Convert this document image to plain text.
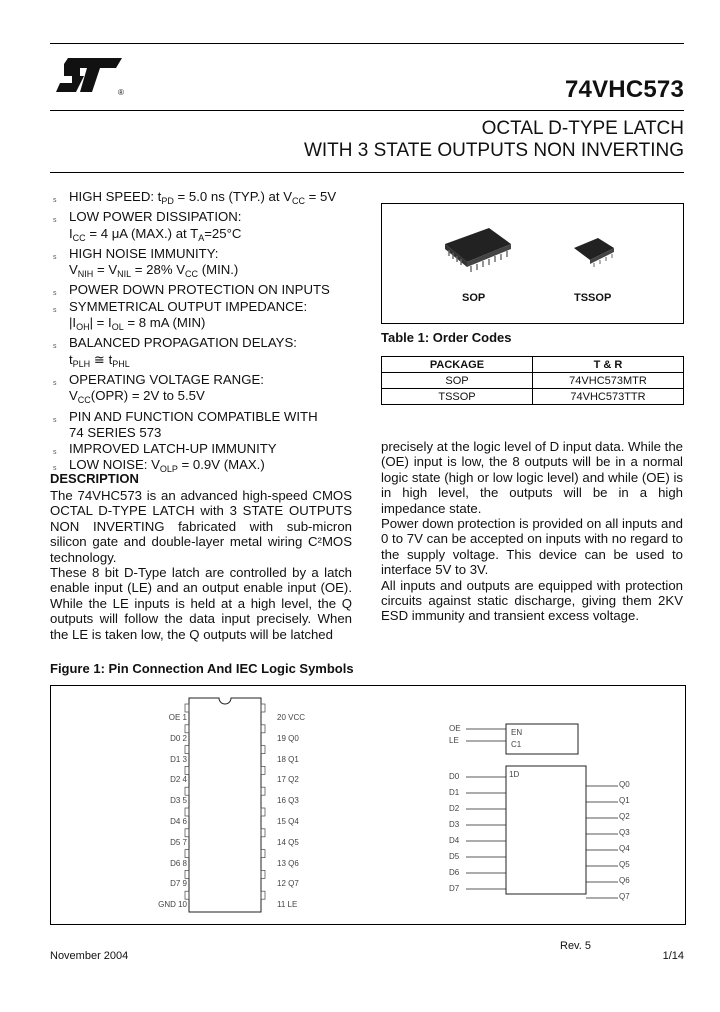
®	74VHC573
OCTAL D-TYPE LATCH
WITH 3 STATE OUTPUTS NON INVERTING
s HIGH SPEED: $t_{PD} = 5.0$ ns (TYP.) at $V_{CC} = 5V$
s LOW POWER DISSIPATION:
$I_{CC} = 4$ μA (MAX.) at $T_A=25^\circ C$
s HIGH NOISE IMMUNITY:
$V_{NIH} = V_{NIL} = 28\%$ $V_{CC}$ (MIN.)
s POWER DOWN PROTECTION ON INPUTS
s SYMMETRICAL OUTPUT IMPEDANCE:
$|I_{OH}| = I_{OL} = 8$ mA (MIN)
s BALANCED PROPAGATION DELAYS:
$t_{PLH}$ ≅ $t_{PHL}$
s OPERATING VOLTAGE RANGE:
$V_{CC}(OPR) = 2V$ to 5.5V
s PIN AND FUNCTION COMPATIBLE WITH
74 SERIES 573
s IMPROVED LATCH-UP IMMUNITY
s LOW NOISE: $V_{OLP} = 0.9V$ (MAX.)
SOP	TSSOP
Table 1: Order Codes
PACKAGE	T & R
SOP	74VHC573MTR
TSSOP	74VHC573TTR
DESCRIPTION
The 74VHC573 is an advanced high-speed CMOS OCTAL D-TYPE LATCH with 3 STATE OUTPUTS NON INVERTING fabricated with sub-micron silicon gate and double-layer metal wiring C²MOS technology.
These 8 bit D-Type latch are controlled by a latch enable input (LE) and an output enable input (OE). While the LE inputs is held at a high level, the Q outputs will follow the data input precisely. When the LE is taken low, the Q outputs will be latched
precisely at the logic level of D input data. While the (OE) input is low, the 8 outputs will be in a normal logic state (high or low logic level) and while (OE) is in high level, the outputs will be in a high impedance state.
Power down protection is provided on all inputs and 0 to 7V can be accepted on inputs with no regard to the supply voltage. This device can be used to interface 5V to 3V.
All inputs and outputs are equipped with protection circuits against static discharge, giving them 2KV ESD immunity and transient excess voltage.
Figure 1: Pin Connection And IEC Logic Symbols
OE 1
D0 2
D1 3
D2 4
D3 5
D4 6
D5 7
D6 8
D7 9
GND 10
20 VCC
19 Q0
18 Q1
17 Q2
16 Q3
15 Q4
14 Q5
13 Q6
12 Q7
11 LE
EN
C1
1D
OE
LE
D0
D1
D2
D3
D4
D5
D6
D7
Q0
Q1
Q2
Q3
Q4
Q5
Q6
Q7
November 2004
Rev. 5
1/14
